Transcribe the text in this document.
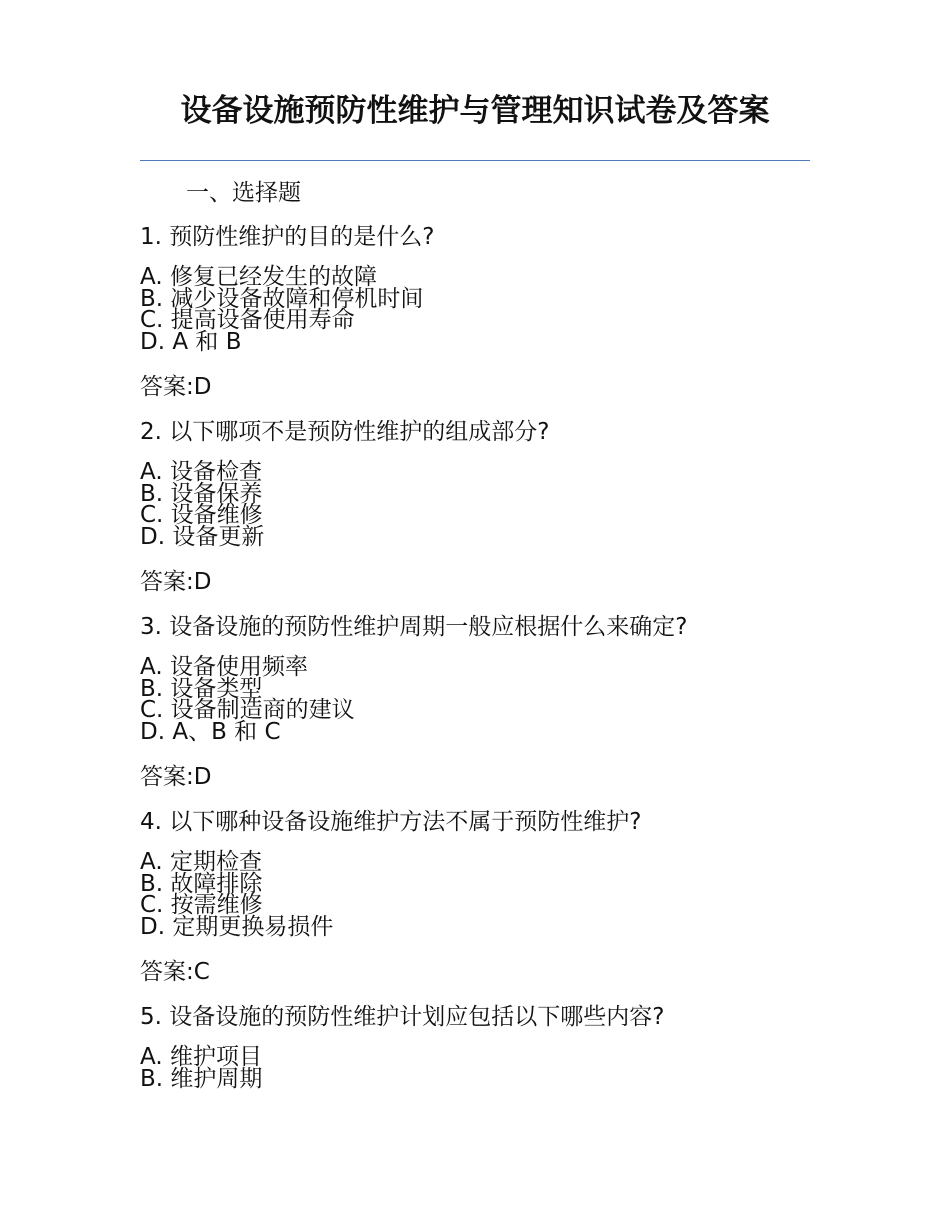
设备设施预防性维护与管理知识试卷及答案
一、选择题
1. 预防性维护的目的是什么?
A. 修复已经发生的故障
B. 减少设备故障和停机时间
C. 提高设备使用寿命
D. A 和 B
答案:D
2. 以下哪项不是预防性维护的组成部分?
A. 设备检查
B. 设备保养
C. 设备维修
D. 设备更新
答案:D
3. 设备设施的预防性维护周期一般应根据什么来确定?
A. 设备使用频率
B. 设备类型
C. 设备制造商的建议
D. A、B 和 C
答案:D
4. 以下哪种设备设施维护方法不属于预防性维护?
A. 定期检查
B. 故障排除
C. 按需维修
D. 定期更换易损件
答案:C
5. 设备设施的预防性维护计划应包括以下哪些内容?
A. 维护项目
B. 维护周期
